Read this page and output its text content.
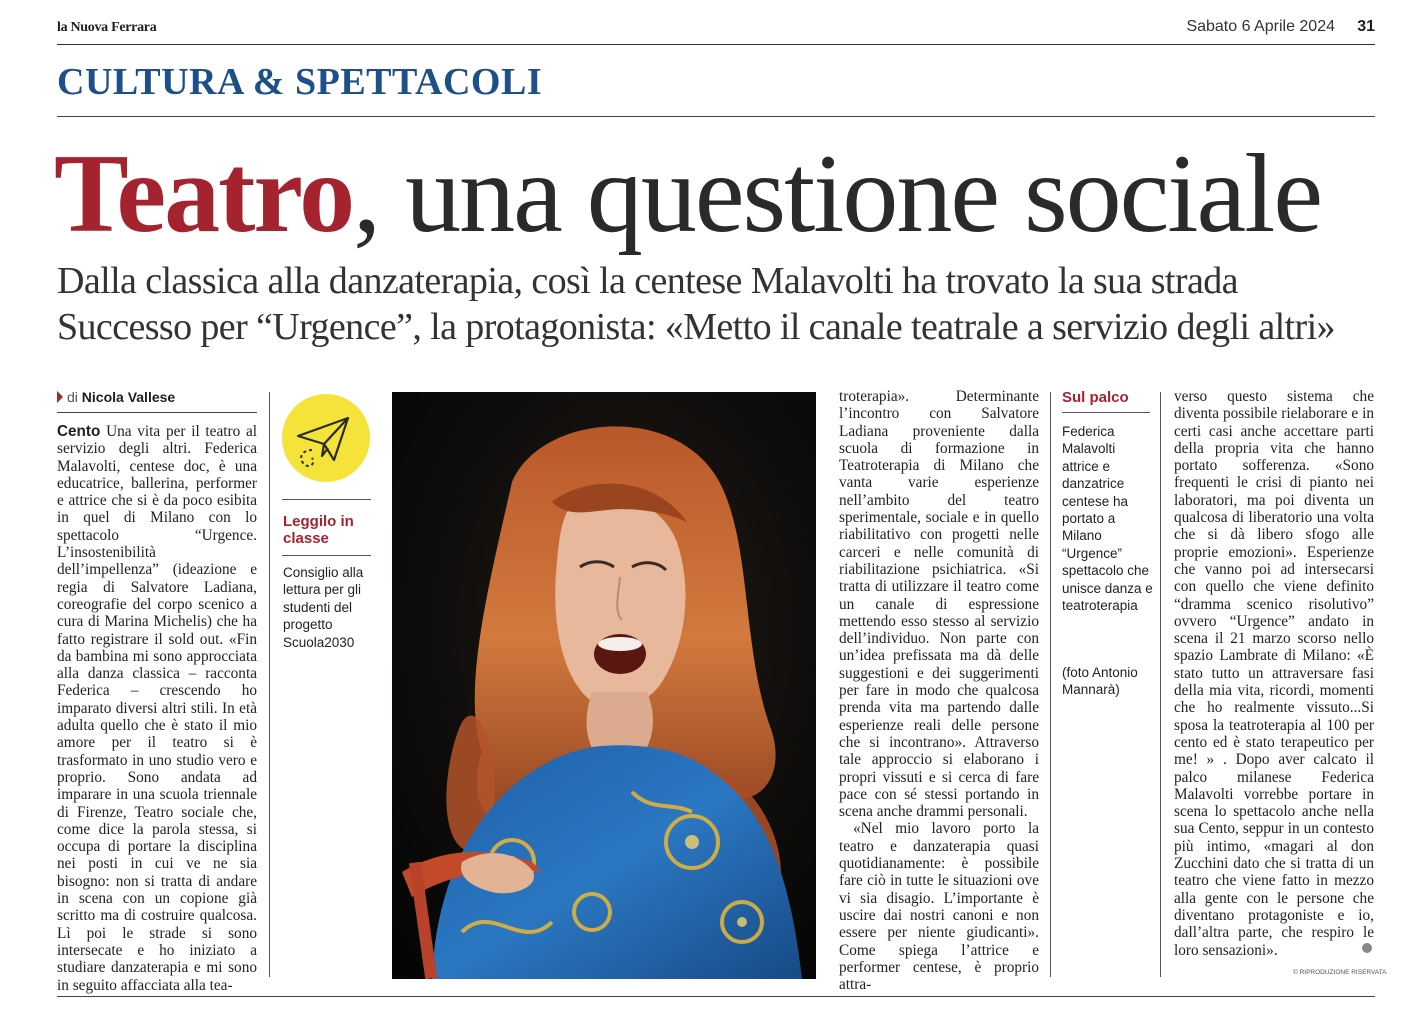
la Nuova Ferrara	Sabato 6 Aprile 2024 31
CULTURA & SPETTACOLI
Teatro, una questione sociale
Dalla classica alla danzaterapia, così la centese Malavolti ha trovato la sua strada
Successo per “Urgence”, la protagonista: «Metto il canale teatrale a servizio degli altri»
di Nicola Vallese
Cento Una vita per il teatro al servizio degli altri. Federica Malavolti, centese doc, è una educatrice, ballerina, performer e attrice che si è da poco esibita in quel di Milano con lo spettacolo “Urgence. L’insostenibilità dell’impellenza” (ideazione e regia di Salvatore Ladiana, coreografie del corpo scenico a cura di Marina Michelis) che ha fatto registrare il sold out. «Fin da bambina mi sono approcciata alla danza classica – racconta Federica – crescendo ho imparato diversi altri stili. In età adulta quello che è stato il mio amore per il teatro si è trasformato in uno studio vero e proprio. Sono andata ad imparare in una scuola triennale di Firenze, Teatro sociale che, come dice la parola stessa, si occupa di portare la disciplina nei posti in cui ve ne sia bisogno: non si tratta di andare in scena con un copione già scritto ma di costruire qualcosa. Lì poi le strade si sono intersecate e ho iniziato a studiare danzaterapia e mi sono in seguito affacciata alla tea-
Leggilo in classe
Consiglio alla lettura per gli studenti del progetto Scuola2030
troterapia». Determinante l’incontro con Salvatore Ladiana proveniente dalla scuola di formazione in Teatroterapia di Milano che vanta varie esperienze nell’ambito del teatro sperimentale, sociale e in quello riabilitativo con progetti nelle carceri e nelle comunità di riabilitazione psichiatrica. «Si tratta di utilizzare il teatro come un canale di espressione mettendo esso stesso al servizio dell’individuo. Non parte con un’idea prefissata ma dà delle suggestioni e dei suggerimenti per fare in modo che qualcosa prenda vita ma partendo dalle esperienze reali delle persone che si incontrano». Attraverso tale approccio si elaborano i propri vissuti e si cerca di fare pace con sé stessi portando in scena anche drammi personali.
«Nel mio lavoro porto la teatro e danzaterapia quasi quotidianamente: è possibile fare ciò in tutte le situazioni ove vi sia disagio. L’importante è uscire dai nostri canoni e non essere per niente giudicanti». Come spiega l’attrice e performer centese, è proprio attra-
Sul palco
Federica Malavolti attrice e danzatrice centese ha portato a Milano “Urgence” spettacolo che unisce danza e teatroterapia
(foto Antonio Mannarà)
verso questo sistema che diventa possibile rielaborare e in certi casi anche accettare parti della propria vita che hanno portato sofferenza. «Sono frequenti le crisi di pianto nei laboratori, ma poi diventa un qualcosa di liberatorio una volta che si dà libero sfogo alle proprie emozioni». Esperienze che vanno poi ad intersecarsi con quello che viene definito “dramma scenico risolutivo” ovvero “Urgence” andato in scena il 21 marzo scorso nello spazio Lambrate di Milano: «È stato tutto un attraversare fasi della mia vita, ricordi, momenti che ho realmente vissuto...Si sposa la teatroterapia al 100 per cento ed è stato terapeutico per me! » . Dopo aver calcato il palco milanese Federica Malavolti vorrebbe portare in scena lo spettacolo anche nella sua Cento, seppur in un contesto più intimo, «magari al don Zucchini dato che si tratta di un teatro che viene fatto in mezzo alla gente con le persone che diventano protagoniste e io, dall’altra parte, che respiro le loro sensazioni».
© RIPRODUZIONE RISERVATA
